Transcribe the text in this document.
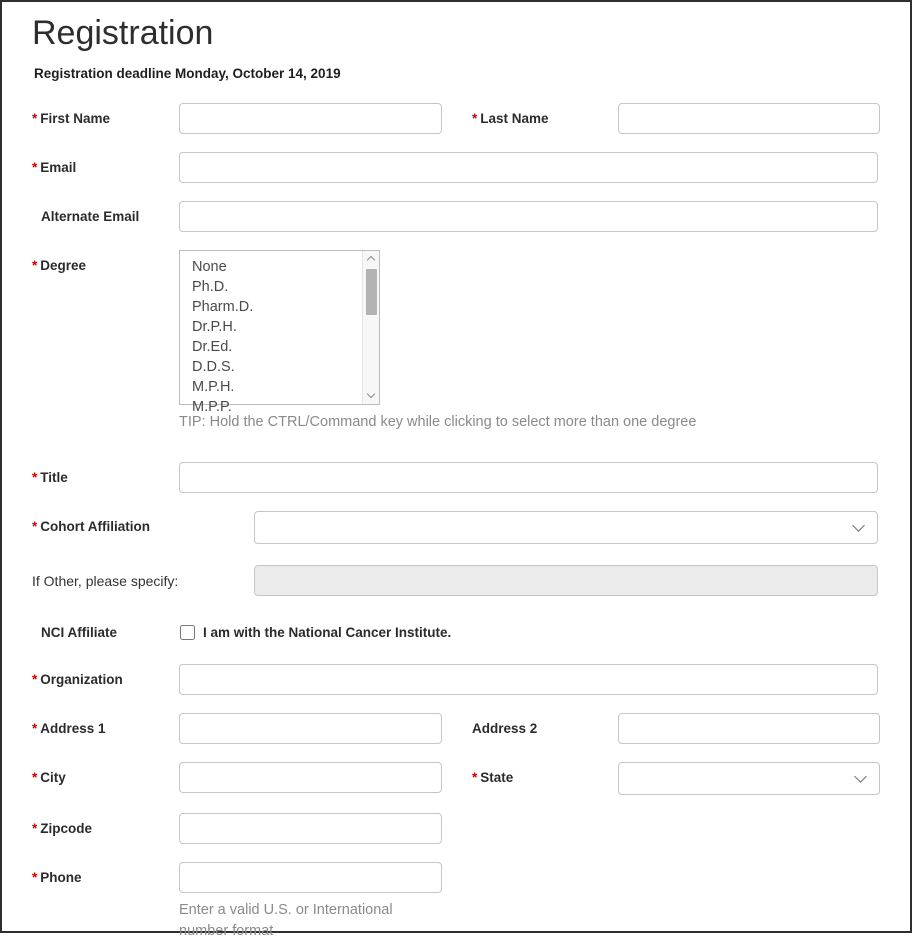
Registration
Registration deadline Monday, October 14, 2019
* First Name	* Last Name
* Email
Alternate Email
* Degree	None
Ph.D.
Pharm.D.
Dr.P.H.
Dr.Ed.
D.D.S.
M.P.H.
M.P.P.
TIP: Hold the CTRL/Command key while clicking to select more than one degree
* Title
* Cohort Affiliation
If Other, please specify:
NCI Affiliate	I am with the National Cancer Institute.
* Organization
* Address 1	Address 2
* City	* State
* Zipcode
* Phone
Enter a valid U.S. or International number format
